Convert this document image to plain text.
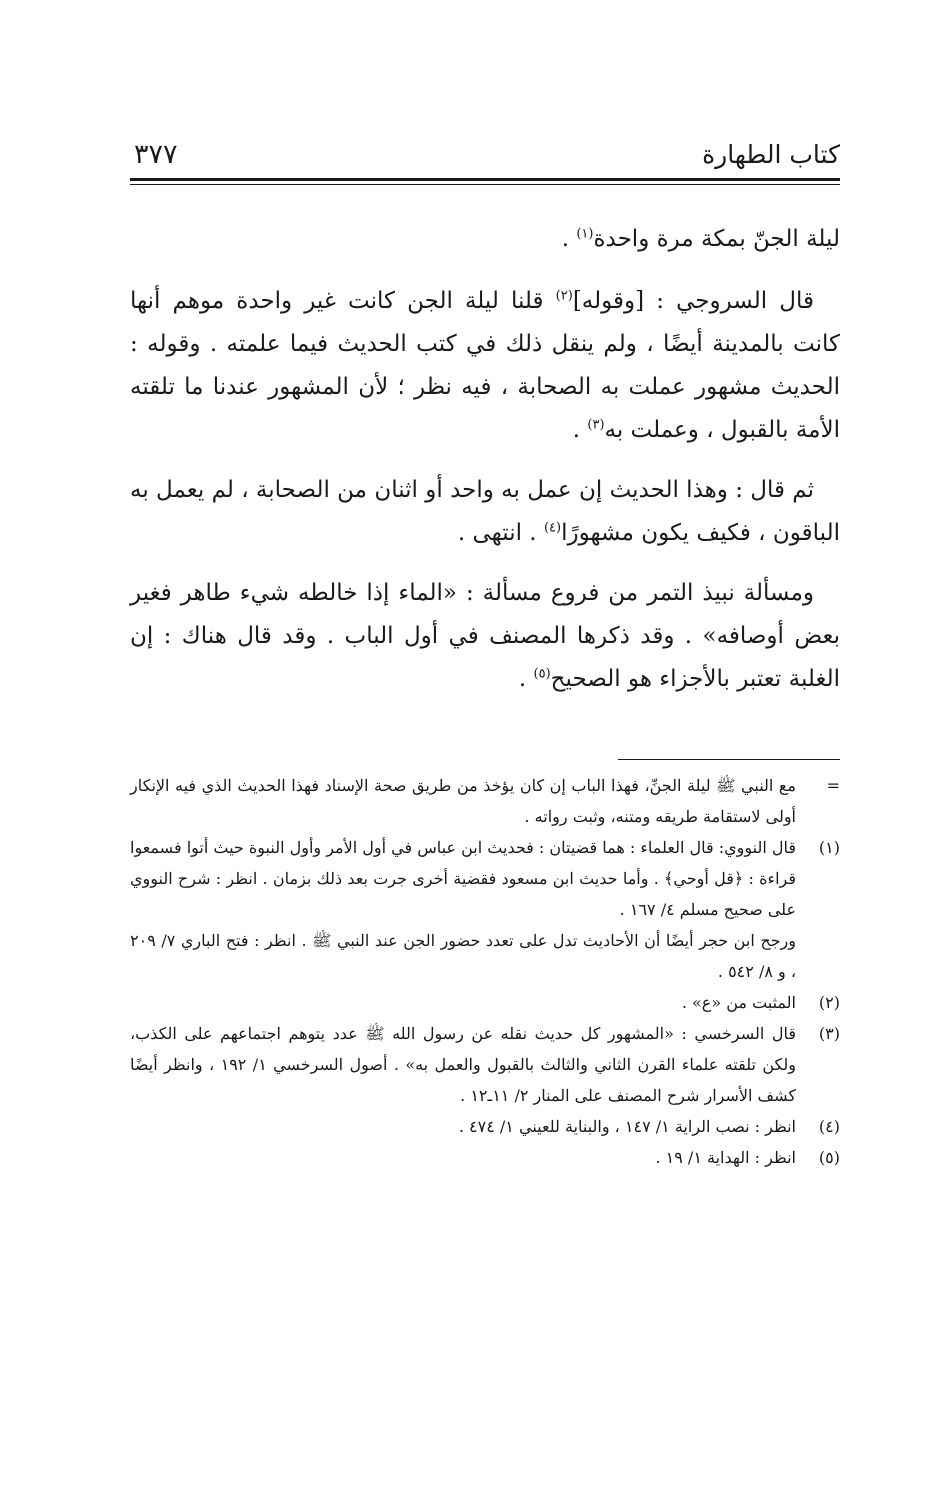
كتاب الطهارة
٣٧٧

ليلة الجنّ بمكة مرة واحدة$^{(١)}$ .

قال السروجي : [وقوله]$^{(٢)}$ قلنا ليلة الجن كانت غير واحدة موهم أنها كانت بالمدينة أيضًا ، ولم ينقل ذلك في كتب الحديث فيما علمته . وقوله : الحديث مشهور عملت به الصحابة ، فيه نظر ؛ لأن المشهور عندنا ما تلقته الأمة بالقبول ، وعملت به$^{(٣)}$ .

ثم قال : وهذا الحديث إن عمل به واحد أو اثنان من الصحابة ، لم يعمل به الباقون ، فكيف يكون مشهورًا$^{(٤)}$ . انتهى .

ومسألة نبيذ التمر من فروع مسألة : «الماء إذا خالطه شيء طاهر فغير بعض أوصافه» . وقد ذكرها المصنف في أول الباب . وقد قال هناك : إن الغلبة تعتبر بالأجزاء هو الصحيح$^{(٥)}$ .

=

مع النبي ﷺ ليلة الجنِّ، فهذا الباب إن كان يؤخذ من طريق صحة الإسناد فهذا الحديث الذي فيه الإنكار أولى لاستقامة طريقه ومتنه، وثبت رواته .

(١)

قال النووي: قال العلماء : هما قضيتان : فحديث ابن عباس في أول الأمر وأول النبوة حيث أتوا فسمعوا قراءة : ﴿قل أوحي﴾ . وأما حديث ابن مسعود فقضية أخرى جرت بعد ذلك بزمان . انظر : شرح النووي على صحيح مسلم ٤/ ١٦٧ .

ورجح ابن حجر أيضًا أن الأحاديث تدل على تعدد حضور الجن عند النبي ﷺ . انظر : فتح الباري ٧/ ٢٠٩ ، و ٨/ ٥٤٢ .

(٢)

المثبت من «ع» .

(٣)

قال السرخسي : «المشهور كل حديث نقله عن رسول الله ﷺ عدد يتوهم اجتماعهم على الكذب، ولكن تلقته علماء القرن الثاني والثالث بالقبول والعمل به» . أصول السرخسي ١/ ١٩٢ ، وانظر أيضًا كشف الأسرار شرح المصنف على المنار ٢/ ١١ـ١٢ .

(٤)

انظر : نصب الراية ١/ ١٤٧ ، والبناية للعيني ١/ ٤٧٤ .

(٥)

انظر : الهداية ١/ ١٩ .
